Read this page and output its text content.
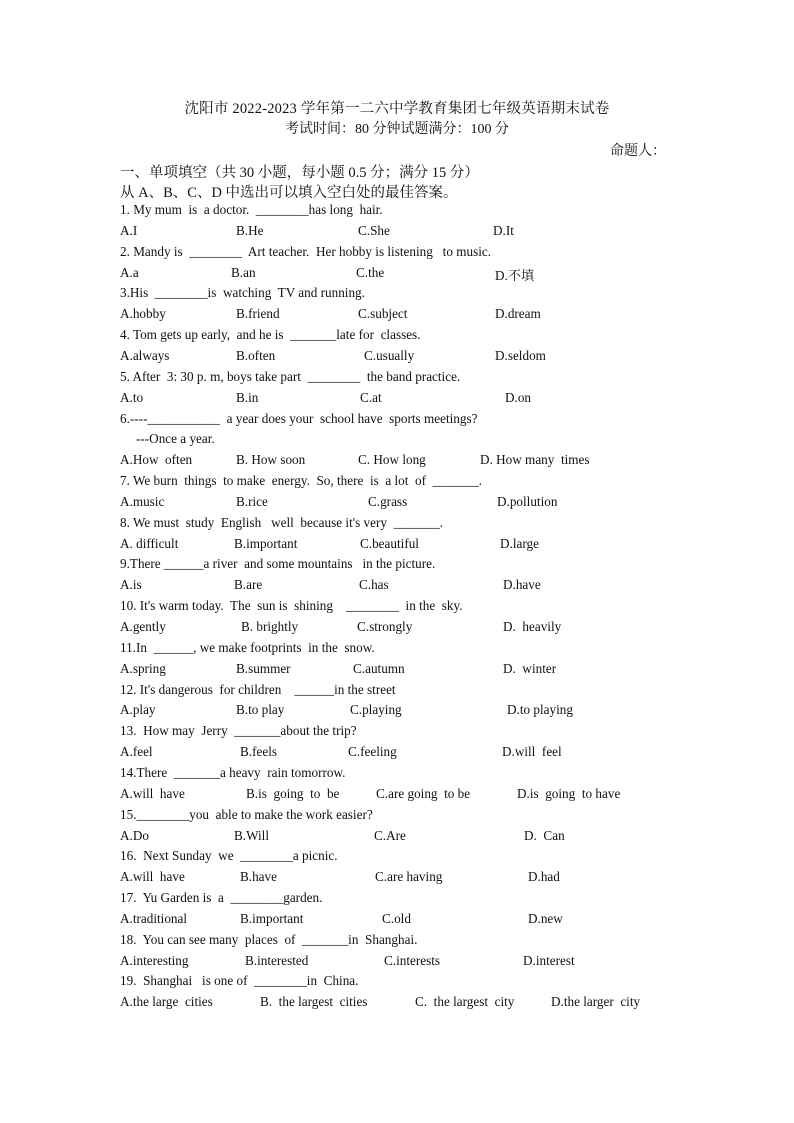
沈阳市 2022-2023 学年第一二六中学教育集团七年级英语期末试卷
考试时间：80 分钟试题满分：100 分
命题人：
一、单项填空（共 30 小题，每小题 0.5 分；满分 15 分）
从 A、B、C、D 中选出可以填入空白处的最佳答案。
1. My mum  is  a doctor.  ________has long  hair.
A.I	B.He	C.She	D.It
2. Mandy is  ________  Art teacher.  Her hobby is listening   to music.
A.a	B.an	C.the	D.不填
3.His  ________is  watching  TV and running.
A.hobby	B.friend	C.subject	D.dream
4. Tom gets up early,  and he is  _______late for  classes.
A.always	B.often	C.usually	D.seldom
5. After  3: 30 p. m, boys take part  ________  the band practice.
A.to	B.in	C.at	D.on
6.----___________  a year does your  school have  sports meetings?
---Once a year.
A.How  often	B. How soon	C. How long	D. How many  times
7. We burn  things  to make  energy.  So, there  is  a lot  of  _______.
A.music	B.rice	C.grass	D.pollution
8. We must  study  English   well  because it's very  _______.
A. difficult	B.important	C.beautiful	D.large
9.There ______a river  and some mountains   in the picture.
A.is	B.are	C.has	D.have
10. It's warm today.  The  sun is  shining    ________  in the  sky.
A.gently	B. brightly	C.strongly	D.  heavily
11.In  ______, we make footprints  in the  snow.
A.spring	B.summer	C.autumn	D.  winter
12. It's dangerous  for children    ______in the street
A.play	B.to play	C.playing	D.to playing
13.  How may  Jerry  _______about the trip?
A.feel	B.feels	C.feeling	D.will  feel
14.There  _______a heavy  rain tomorrow.
A.will  have	B.is  going  to  be	C.are going  to be	D.is  going  to have
15.________you  able to make the work easier?
A.Do	B.Will	C.Are	D.  Can
16.  Next Sunday  we  ________a picnic.
A.will  have	B.have	C.are having	D.had
17.  Yu Garden is  a  ________garden.
A.traditional	B.important	C.old	D.new
18.  You can see many  places  of  _______in  Shanghai.
A.interesting	B.interested	C.interests	D.interest
19.  Shanghai   is one of  ________in  China.
A.the large  cities	B.  the largest  cities	C.  the largest  city	D.the larger  city
